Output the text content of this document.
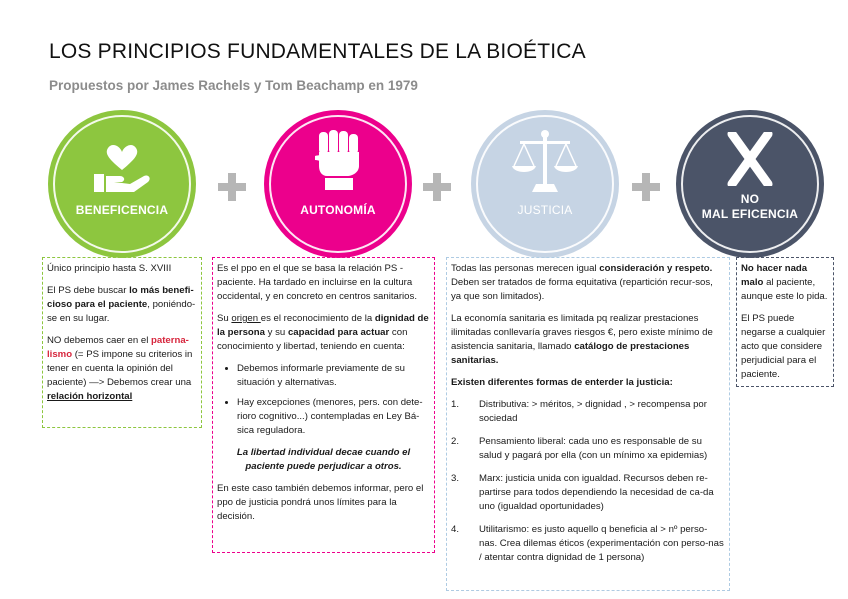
LOS PRINCIPIOS FUNDAMENTALES DE LA BIOÉTICA
Propuestos por James Rachels y Tom Beachamp en 1979
BENEFICENCIA	AUTONOMÍA	JUSTICIA
NO
MAL EFICENCIA

Único principio hasta S. XVIII

El PS debe buscar lo más benefi-cioso para el paciente, poniéndo-se en su lugar.

NO debemos caer en el paterna-lismo (= PS impone su criterios in tener en cuenta la opinión del paciente) —> Debemos crear una relación horizontal

Es el ppo en el que se basa la relación PS - paciente. Ha tardado en incluirse en la cultura occidental, y en concreto en centros sanitarios.

Su origen es el reconocimiento de la dignidad de la persona y su capacidad para actuar con conocimiento y libertad, teniendo en cuenta:

• Debemos informarle previamente de su situación y alternativas.
• Hay excepciones (menores, pers. con dete-rioro cognitivo...) contempladas en Ley Bá-sica reguladora.

La libertad individual decae cuando el paciente puede perjudicar a otros.

En este caso también debemos informar, pero el ppo de justicia pondrá unos límites para la decisión.

Todas las personas merecen igual consideración y respeto. Deben ser tratados de forma equitativa (repartición recur-sos, ya que son limitados).

La economía sanitaria es limitada pq realizar prestaciones ilimitadas conllevaría graves riesgos €, pero existe mínimo de asistencia sanitaria, llamado catálogo de prestaciones sanitarias.

Existen diferentes formas de enterder la justicia:

1.	Distributiva: > méritos, > dignidad , > recompensa por sociedad
2.	Pensamiento liberal: cada uno es responsable de su salud y pagará por ella (con un mínimo xa epidemias)
3.	Marx: justicia unida con igualdad. Recursos deben re-partirse para todos dependiendo la necesidad de ca-da uno (igualdad oportunidades)
4.	Utilitarismo: es justo aquello q beneficia al > nº perso-nas. Crea dilemas éticos (experimentación con perso-nas / atentar contra dignidad de 1 persona)

No hacer nada malo al paciente, aunque este lo pida.

El PS puede negarse a cualquier acto que considere perjudicial para el paciente.
